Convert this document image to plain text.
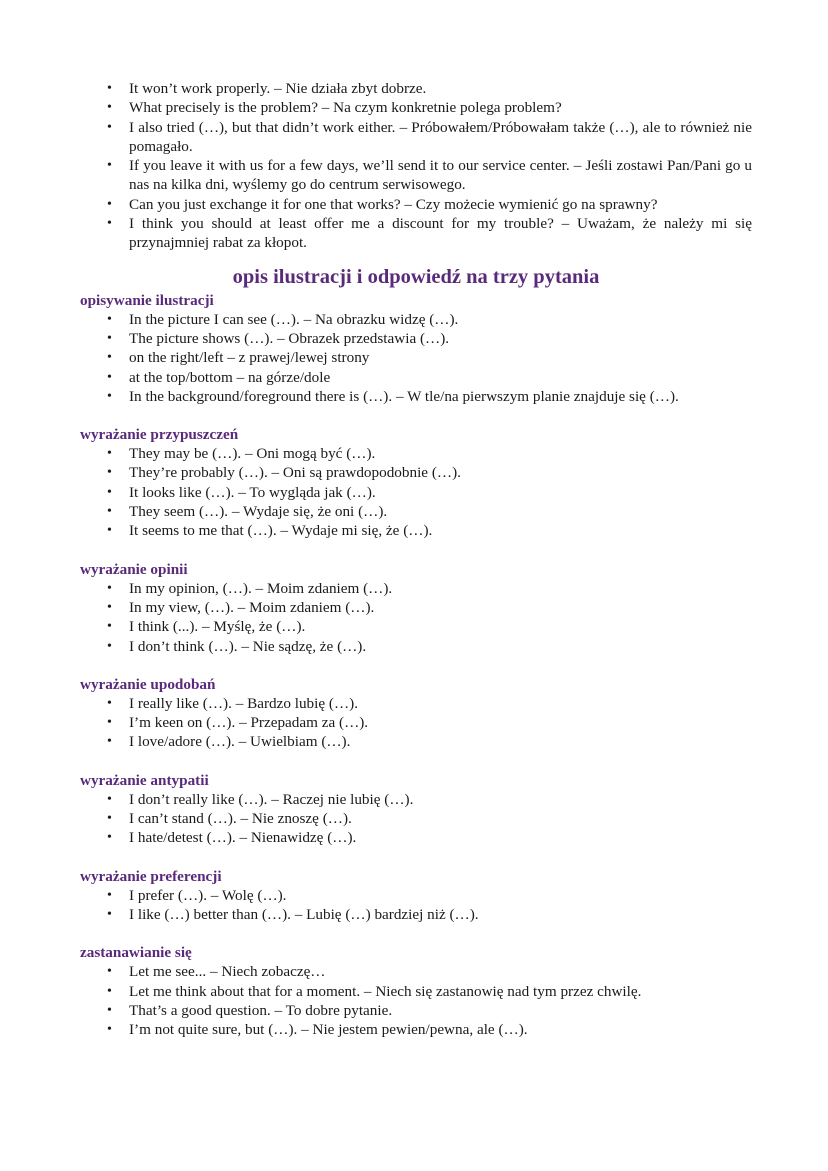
• It won’t work properly. – Nie działa zbyt dobrze.
• What precisely is the problem? – Na czym konkretnie polega problem?
• I also tried (…), but that didn’t work either. – Próbowałem/Próbowałam także (…), ale to również nie pomagało.
• If you leave it with us for a few days, we’ll send it to our service center. – Jeśli zostawi Pan/Pani go u nas na kilka dni, wyślemy go do centrum serwisowego.
• Can you just exchange it for one that works? – Czy możecie wymienić go na sprawny?
• I think you should at least offer me a discount for my trouble? – Uważam, że należy mi się przynajmniej rabat za kłopot.
opis ilustracji i odpowiedź na trzy pytania
opisywanie ilustracji
• In the picture I can see (…). – Na obrazku widzę (…).
• The picture shows (…). – Obrazek przedstawia (…).
• on the right/left – z prawej/lewej strony
• at the top/bottom – na górze/dole
• In the background/foreground there is (…). – W tle/na pierwszym planie znajduje się (…).
wyrażanie przypuszczeń
• They may be (…). – Oni mogą być (…).
• They’re probably (…). – Oni są prawdopodobnie (…).
• It looks like (…). – To wygląda jak (…).
• They seem (…). – Wydaje się, że oni (…).
• It seems to me that (…). – Wydaje mi się, że (…).
wyrażanie opinii
• In my opinion, (…). – Moim zdaniem (…).
• In my view, (…). – Moim zdaniem (…).
• I think (...). – Myślę, że (…).
• I don’t think (…). – Nie sądzę, że (…).
wyrażanie upodobań
• I really like (…). – Bardzo lubię (…).
• I’m keen on (…). – Przepadam za (…).
• I love/adore (…). – Uwielbiam (…).
wyrażanie antypatii
• I don’t really like (…). – Raczej nie lubię (…).
• I can’t stand (…). – Nie znoszę (…).
• I hate/detest (…). – Nienawidzę (…).
wyrażanie preferencji
• I prefer (…). – Wolę (…).
• I like (…) better than (…). – Lubię (…) bardziej niż (…).
zastanawianie się
• Let me see... – Niech zobaczę…
• Let me think about that for a moment. – Niech się zastanowię nad tym przez chwilę.
• That’s a good question. – To dobre pytanie.
• I’m not quite sure, but (…). – Nie jestem pewien/pewna, ale (…).
